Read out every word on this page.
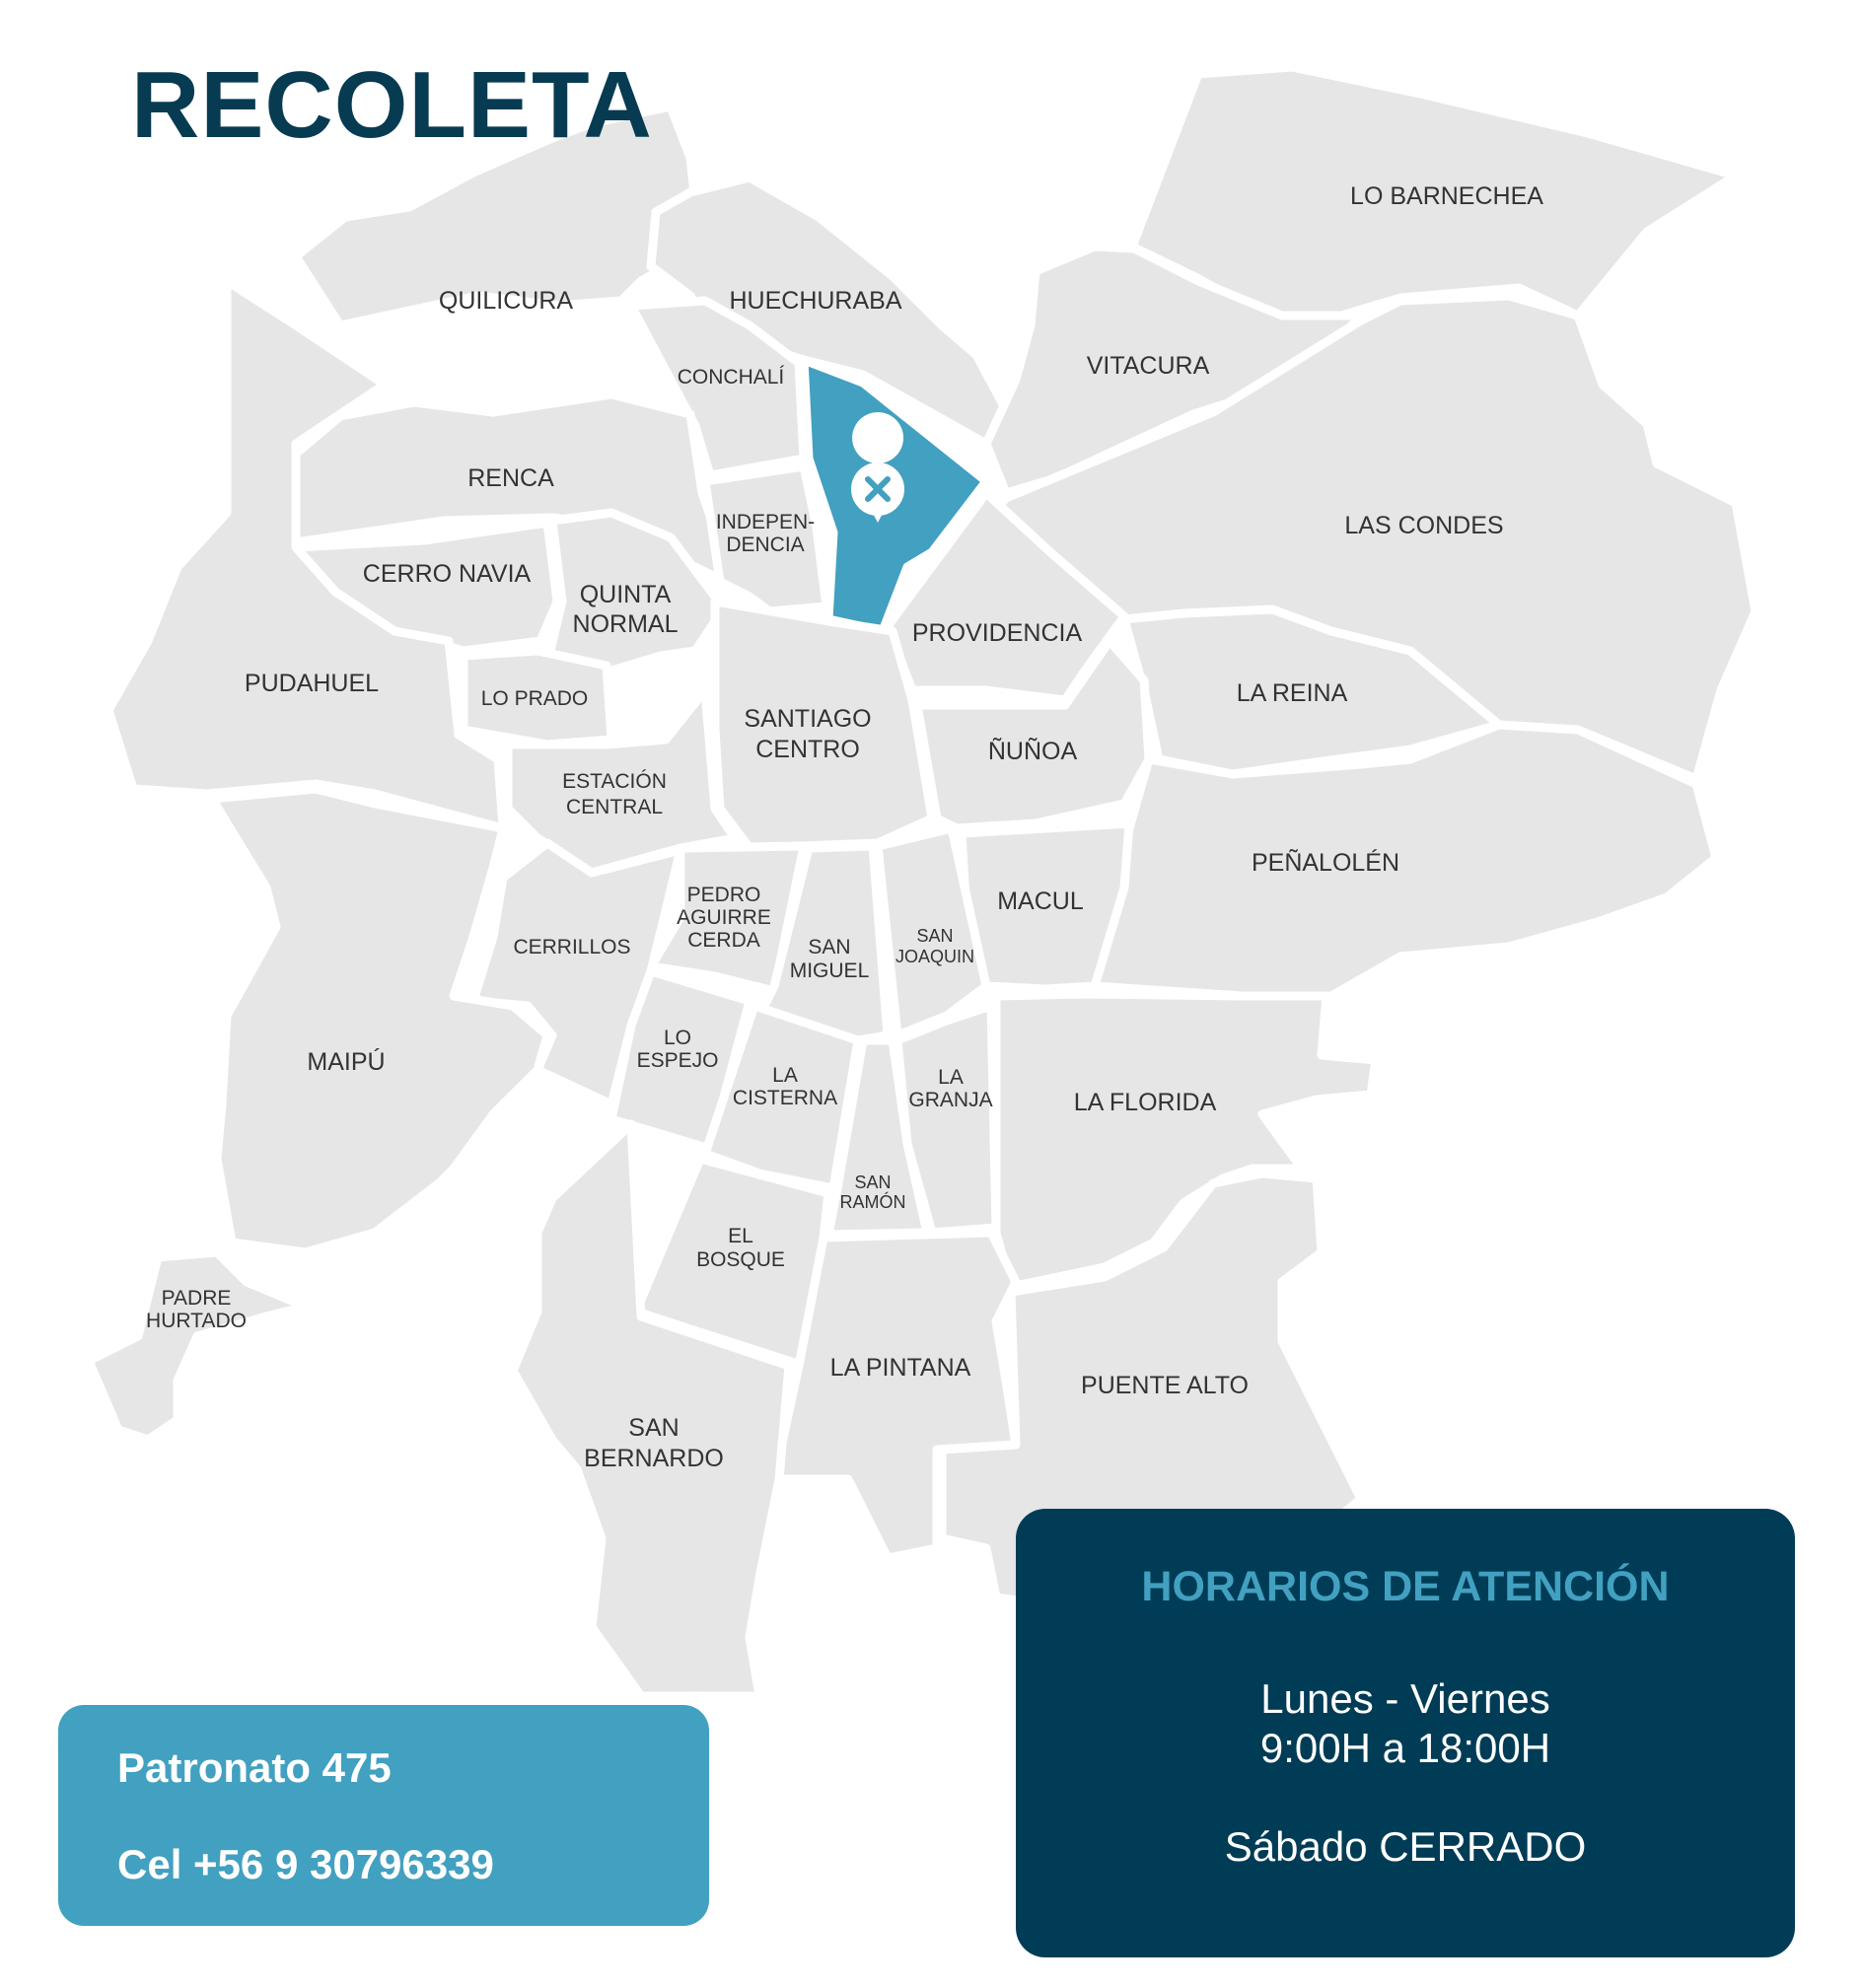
LO BARNECHEA
QUILICURA	HUECHURABA
VITACURA
CONCHALÍ
RENCA
LAS CONDES
INDEPEN-
DENCIA
CERRO NAVIA
QUINTA
NORMAL	PROVIDENCIA
PUDAHUEL
LO PRADO	LA REINA
SANTIAGO
CENTRO	ÑUÑOA
ESTACIÓN
CENTRAL
PEÑALOLÉN
PEDRO
AGUIRRE
CERDA
MACUL
CERRILLOS	SAN
MIGUEL
SAN
JOAQUIN
MAIPÚ
LO
ESPEJO
LA
CISTERNA
LA
GRANJA	LA FLORIDA
SAN
RAMÓN
EL
BOSQUE
PADRE
HURTADO
LA PINTANA
PUENTE ALTO
SAN
BERNARDO
RECOLETA

Patronato 475

Cel +56 9 30796339

HORARIOS DE ATENCIÓN

Lunes - Viernes

9:00H a 18:00H

Sábado CERRADO
